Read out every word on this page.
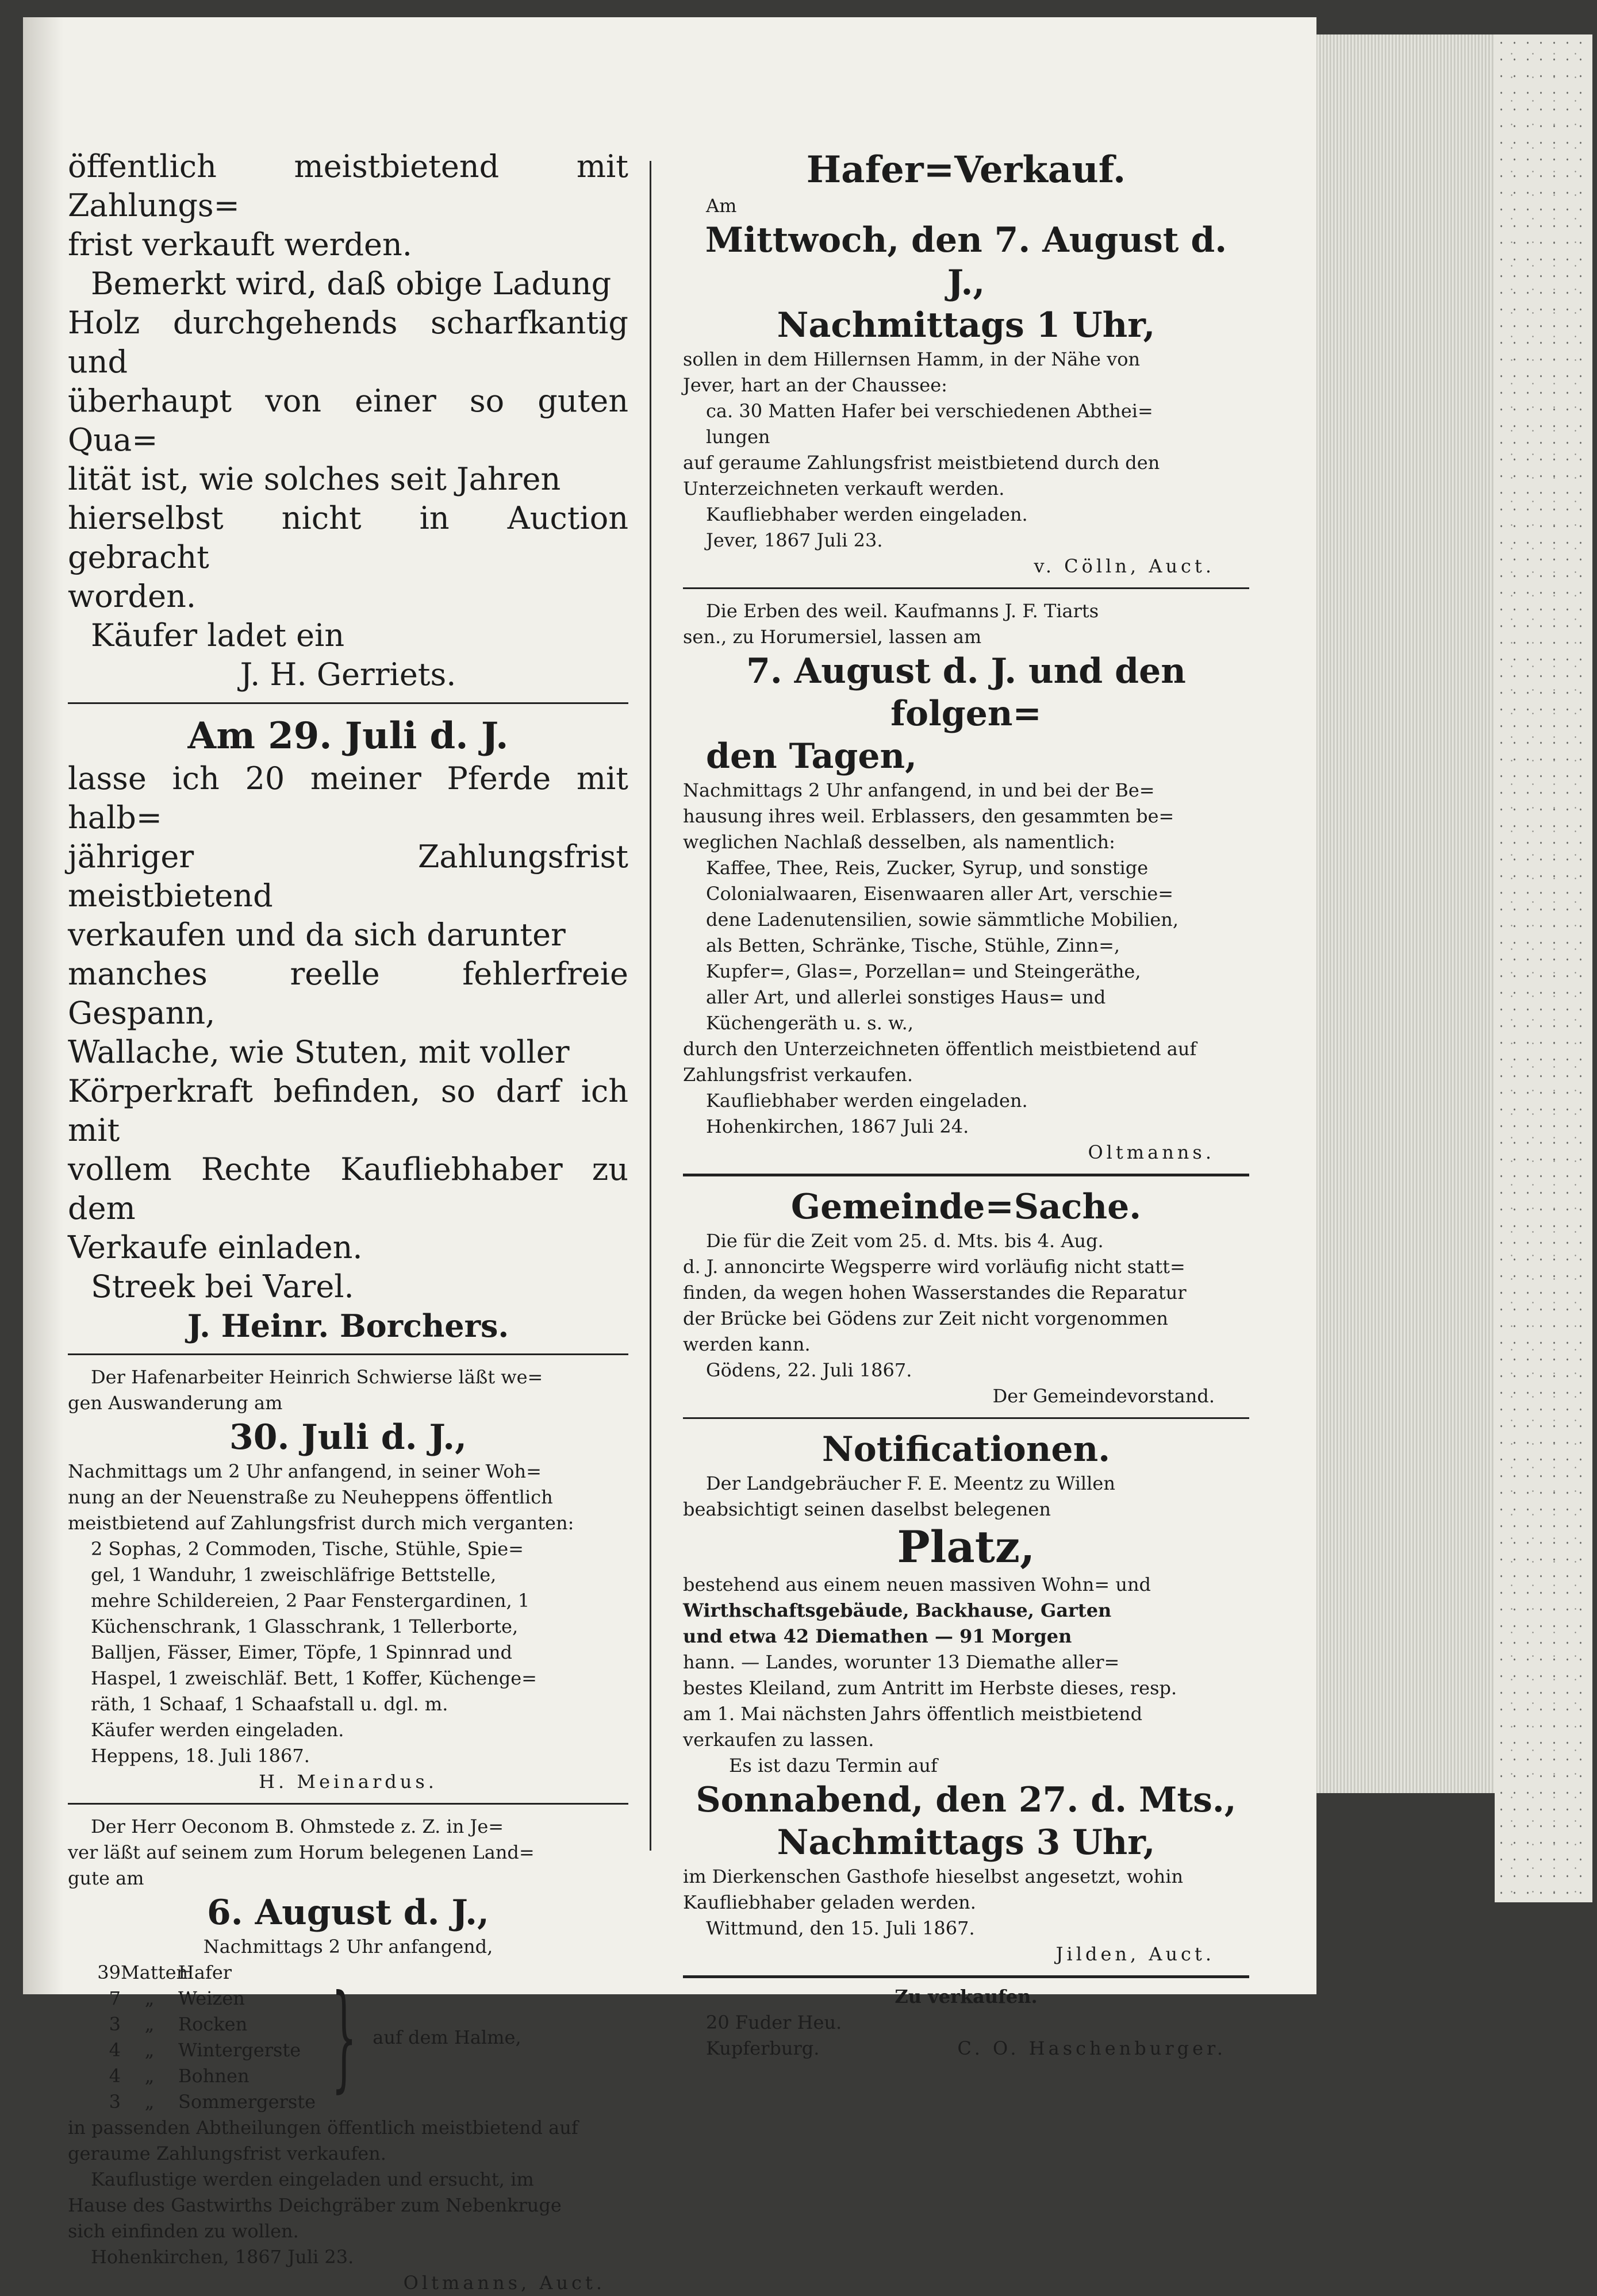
öffentlich meistbietend mit Zahlungs=

frist verkauft werden.

Bemerkt wird, daß obige Ladung

Holz durchgehends scharfkantig und

überhaupt von einer so guten Qua=

lität ist, wie solches seit Jahren

hierselbst nicht in Auction gebracht

worden.

Käufer ladet ein

J. H. Gerriets.

Am 29. Juli d. J.

lasse ich 20 meiner Pferde mit halb=

jähriger Zahlungsfrist meistbietend

verkaufen und da sich darunter

manches reelle fehlerfreie Gespann,

Wallache, wie Stuten, mit voller

Körperkraft befinden, so darf ich mit

vollem Rechte Kaufliebhaber zu dem

Verkaufe einladen.

Streek bei Varel.

J. Heinr. Borchers.

Der Hafenarbeiter Heinrich Schwierse läßt we=

gen Auswanderung am

30. Juli d. J.,

Nachmittags um 2 Uhr anfangend, in seiner Woh=

nung an der Neuenstraße zu Neuheppens öffentlich

meistbietend auf Zahlungsfrist durch mich verganten:

2 Sophas, 2 Commoden, Tische, Stühle, Spie=

gel, 1 Wanduhr, 1 zweischläfrige Bettstelle,

mehre Schildereien, 2 Paar Fenstergardinen, 1

Küchenschrank, 1 Glasschrank, 1 Tellerborte,

Balljen, Fässer, Eimer, Töpfe, 1 Spinnrad und

Haspel, 1 zweischläf. Bett, 1 Koffer, Küchenge=

räth, 1 Schaaf, 1 Schaafstall u. dgl. m.

Käufer werden eingeladen.

Heppens, 18. Juli 1867.

H. Meinardus.

Der Herr Oeconom B. Ohmstede z. Z. in Je=

ver läßt auf seinem zum Horum belegenen Land=

gute am

6. August d. J.,

Nachmittags 2 Uhr anfangend,

39MattenHafer
7 „ Weizen
3 „ Rocken
4 „ Wintergerste
4 „ Bohnen
3 „ Sommergerste } auf dem Halme,

in passenden Abtheilungen öffentlich meistbietend auf

geraume Zahlungsfrist verkaufen.

Kauflustige werden eingeladen und ersucht, im

Hause des Gastwirths Deichgräber zum Nebenkruge

sich einfinden zu wollen.

Hohenkirchen, 1867 Juli 23.

Oltmanns, Auct.

Hafer=Verkauf.

Am

Mittwoch, den 7. August d. J.,

Nachmittags 1 Uhr,

sollen in dem Hillernsen Hamm, in der Nähe von

Jever, hart an der Chaussee:

ca. 30 Matten Hafer bei verschiedenen Abthei=

lungen

auf geraume Zahlungsfrist meistbietend durch den

Unterzeichneten verkauft werden.

Kaufliebhaber werden eingeladen.

Jever, 1867 Juli 23.

v. Cölln, Auct.

Die Erben des weil. Kaufmanns J. F. Tiarts

sen., zu Horumersiel, lassen am

7. August d. J. und den folgen=

den Tagen,

Nachmittags 2 Uhr anfangend, in und bei der Be=

hausung ihres weil. Erblassers, den gesammten be=

weglichen Nachlaß desselben, als namentlich:

Kaffee, Thee, Reis, Zucker, Syrup, und sonstige

Colonialwaaren, Eisenwaaren aller Art, verschie=

dene Ladenutensilien, sowie sämmtliche Mobilien,

als Betten, Schränke, Tische, Stühle, Zinn=,

Kupfer=, Glas=, Porzellan= und Steingeräthe,

aller Art, und allerlei sonstiges Haus= und

Küchengeräth u. s. w.,

durch den Unterzeichneten öffentlich meistbietend auf

Zahlungsfrist verkaufen.

Kaufliebhaber werden eingeladen.

Hohenkirchen, 1867 Juli 24.

Oltmanns.

Gemeinde=Sache.

Die für die Zeit vom 25. d. Mts. bis 4. Aug.

d. J. annoncirte Wegsperre wird vorläufig nicht statt=

finden, da wegen hohen Wasserstandes die Reparatur

der Brücke bei Gödens zur Zeit nicht vorgenommen

werden kann.

Gödens, 22. Juli 1867.

Der Gemeindevorstand.

Notificationen.

Der Landgebräucher F. E. Meentz zu Willen

beabsichtigt seinen daselbst belegenen

Platz,

bestehend aus einem neuen massiven Wohn= und

Wirthschaftsgebäude, Backhause, Garten

und etwa 42 Diemathen — 91 Morgen

hann. — Landes, worunter 13 Diemathe aller=

bestes Kleiland, zum Antritt im Herbste dieses, resp.

am 1. Mai nächsten Jahrs öffentlich meistbietend

verkaufen zu lassen.

Es ist dazu Termin auf

Sonnabend, den 27. d. Mts.,

Nachmittags 3 Uhr,

im Dierkenschen Gasthofe hieselbst angesetzt, wohin

Kaufliebhaber geladen werden.

Wittmund, den 15. Juli 1867.

Jilden, Auct.

Zu verkaufen.

20 Fuder Heu.

Kupferburg.	C. O. Haschenburger.
